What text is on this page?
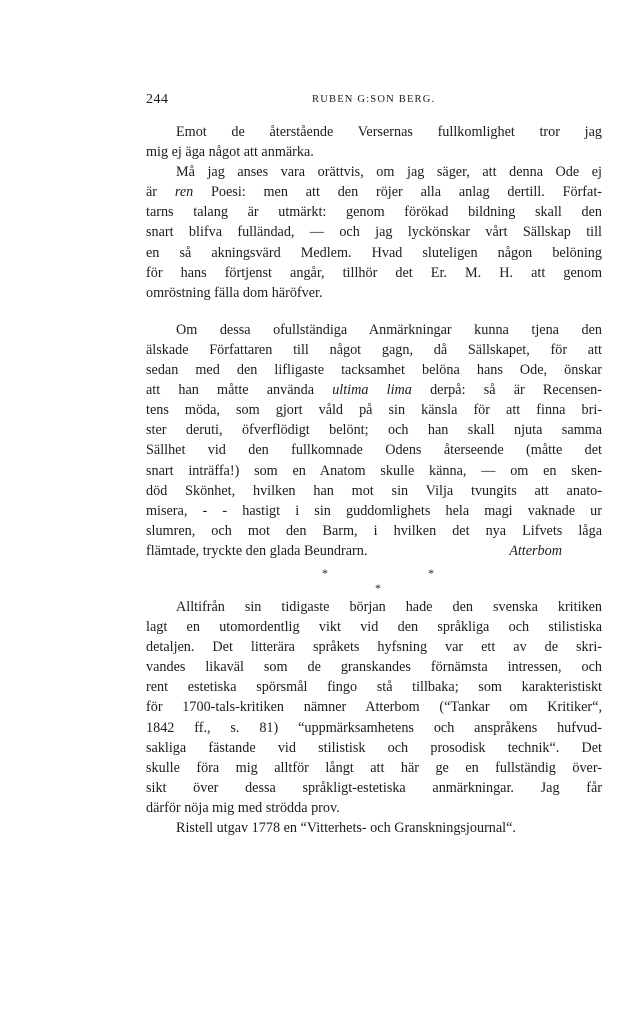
244	RUBEN G:SON BERG.
Emot de återstående Versernas fullkomlighet tror jag
mig ej äga något att anmärka.
Må jag anses vara orättvis, om jag säger, att denna Ode ej
är ren Poesi: men att den röjer alla anlag dertill. Förfat-
tarns talang är utmärkt: genom förökad bildning skall den
snart blifva fulländad, — och jag lyckönskar vårt Sällskap till
en så akningsvärd Medlem. Hvad sluteligen någon belöning
för hans förtjenst angår, tillhör det Er. M. H. att genom
omröstning fälla dom häröfver.
Om dessa ofullständiga Anmärkningar kunna tjena den
älskade Författaren till något gagn, då Sällskapet, för att
sedan med den lifligaste tacksamhet belöna hans Ode, önskar
att han måtte använda ultima lima derpå: så är Recensen-
tens möda, som gjort våld på sin känsla för att finna bri-
ster deruti, öfverflödigt belönt; och han skall njuta samma
Sällhet vid den fullkomnade Odens återseende (måtte det
snart inträffa!) som en Anatom skulle känna, — om en sken-
död Skönhet, hvilken han mot sin Vilja tvungits att anato-
misera, - - hastigt i sin guddomlighets hela magi vaknade ur
slumren, och mot den Barm, i hvilken det nya Lifvets låga
flämtade, tryckte den glada Beundrarn.	Atterbom
*	*
*
Alltifrån sin tidigaste början hade den svenska kritiken
lagt en utomordentlig vikt vid den språkliga och stilistiska
detaljen. Det litterära språkets hyfsning var ett av de skri-
vandes likaväl som de granskandes förnämsta intressen, och
rent estetiska spörsmål fingo stå tillbaka; som karakteristiskt
för 1700-tals-kritiken nämner Atterbom (“Tankar om Kritiker“,
1842 ff., s. 81) “uppmärksamhetens och anspråkens hufvud-
sakliga fästande vid stilistisk och prosodisk technik“. Det
skulle föra mig alltför långt att här ge en fullständig över-
sikt över dessa språkligt-estetiska anmärkningar. Jag får
därför nöja mig med strödda prov.
Ristell utgav 1778 en “Vitterhets- och Granskningsjournal“.
